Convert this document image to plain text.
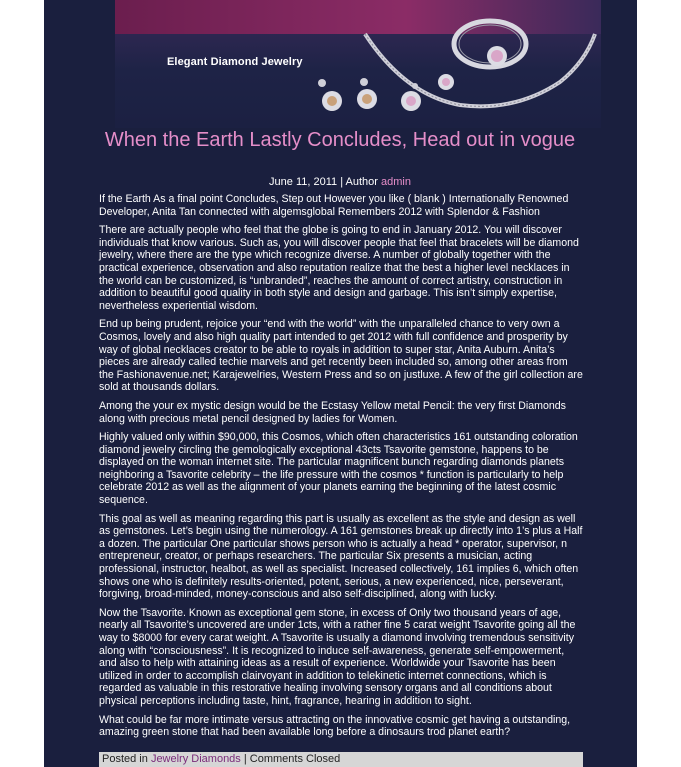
Elegant Diamond Jewelry
When the Earth Lastly Concludes, Head out in vogue
June 11, 2011 | Author admin

If the Earth As a final point Concludes, Step out However you like ( blank ) Internationally Renowned Developer, Anita Tan connected with algemsglobal Remembers 2012 with Splendor & Fashion

There are actually people who feel that the globe is going to end in January 2012. You will discover individuals that know various. Such as, you will discover people that feel that bracelets will be diamond jewelry, where there are the type which recognize diverse. A number of globally together with the practical experience, observation and also reputation realize that the best a higher level necklaces in the world can be customized, is “unbranded”, reaches the amount of correct artistry, construction in addition to beautiful good quality in both style and design and garbage. This isn’t simply expertise, nevertheless experiential wisdom.

End up being prudent, rejoice your “end with the world” with the unparalleled chance to very own a Cosmos, lovely and also high quality part intended to get 2012 with full confidence and prosperity by way of global necklaces creator to be able to royals in addition to super star, Anita Auburn. Anita’s pieces are already called techie marvels and get recently been included so, among other areas from the Fashionavenue.net; Karajewelries, Western Press and so on justluxe. A few of the girl collection are sold at thousands dollars.

Among the your ex mystic design would be the Ecstasy Yellow metal Pencil: the very first Diamonds along with precious metal pencil designed by ladies for Women.

Highly valued only within $90,000, this Cosmos, which often characteristics 161 outstanding coloration diamond jewelry circling the gemologically exceptional 43cts Tsavorite gemstone, happens to be displayed on the woman internet site. The particular magnificent bunch regarding diamonds planets neighboring a Tsavorite celebrity – the life pressure with the cosmos * function is particularly to help celebrate 2012 as well as the alignment of your planets earning the beginning of the latest cosmic sequence.

This goal as well as meaning regarding this part is usually as excellent as the style and design as well as gemstones. Let’s begin using the numerology. A 161 gemstones break up directly into 1’s plus a Half a dozen. The particular One particular shows person who is actually a head * operator, supervisor, n entrepreneur, creator, or perhaps researchers. The particular Six presents a musician, acting professional, instructor, healbot, as well as specialist. Increased collectively, 161 implies 6, which often shows one who is definitely results-oriented, potent, serious, a new experienced, nice, perseverant, forgiving, broad-minded, money-conscious and also self-disciplined, along with lucky.

Now the Tsavorite. Known as exceptional gem stone, in excess of Only two thousand years of age, nearly all Tsavorite’s uncovered are under 1cts, with a rather fine 5 carat weight Tsavorite going all the way to $8000 for every carat weight. A Tsavorite is usually a diamond involving tremendous sensitivity along with “consciousness”. It is recognized to induce self-awareness, generate self-empowerment, and also to help with attaining ideas as a result of experience. Worldwide your Tsavorite has been utilized in order to accomplish clairvoyant in addition to telekinetic internet connections, which is regarded as valuable in this restorative healing involving sensory organs and all conditions about physical perceptions including taste, hint, fragrance, hearing in addition to sight.

What could be far more intimate versus attracting on the innovative cosmic get having a outstanding, amazing green stone that had been available long before a dinosaurs trod planet earth?

Posted in Jewelry Diamonds | Comments Closed
